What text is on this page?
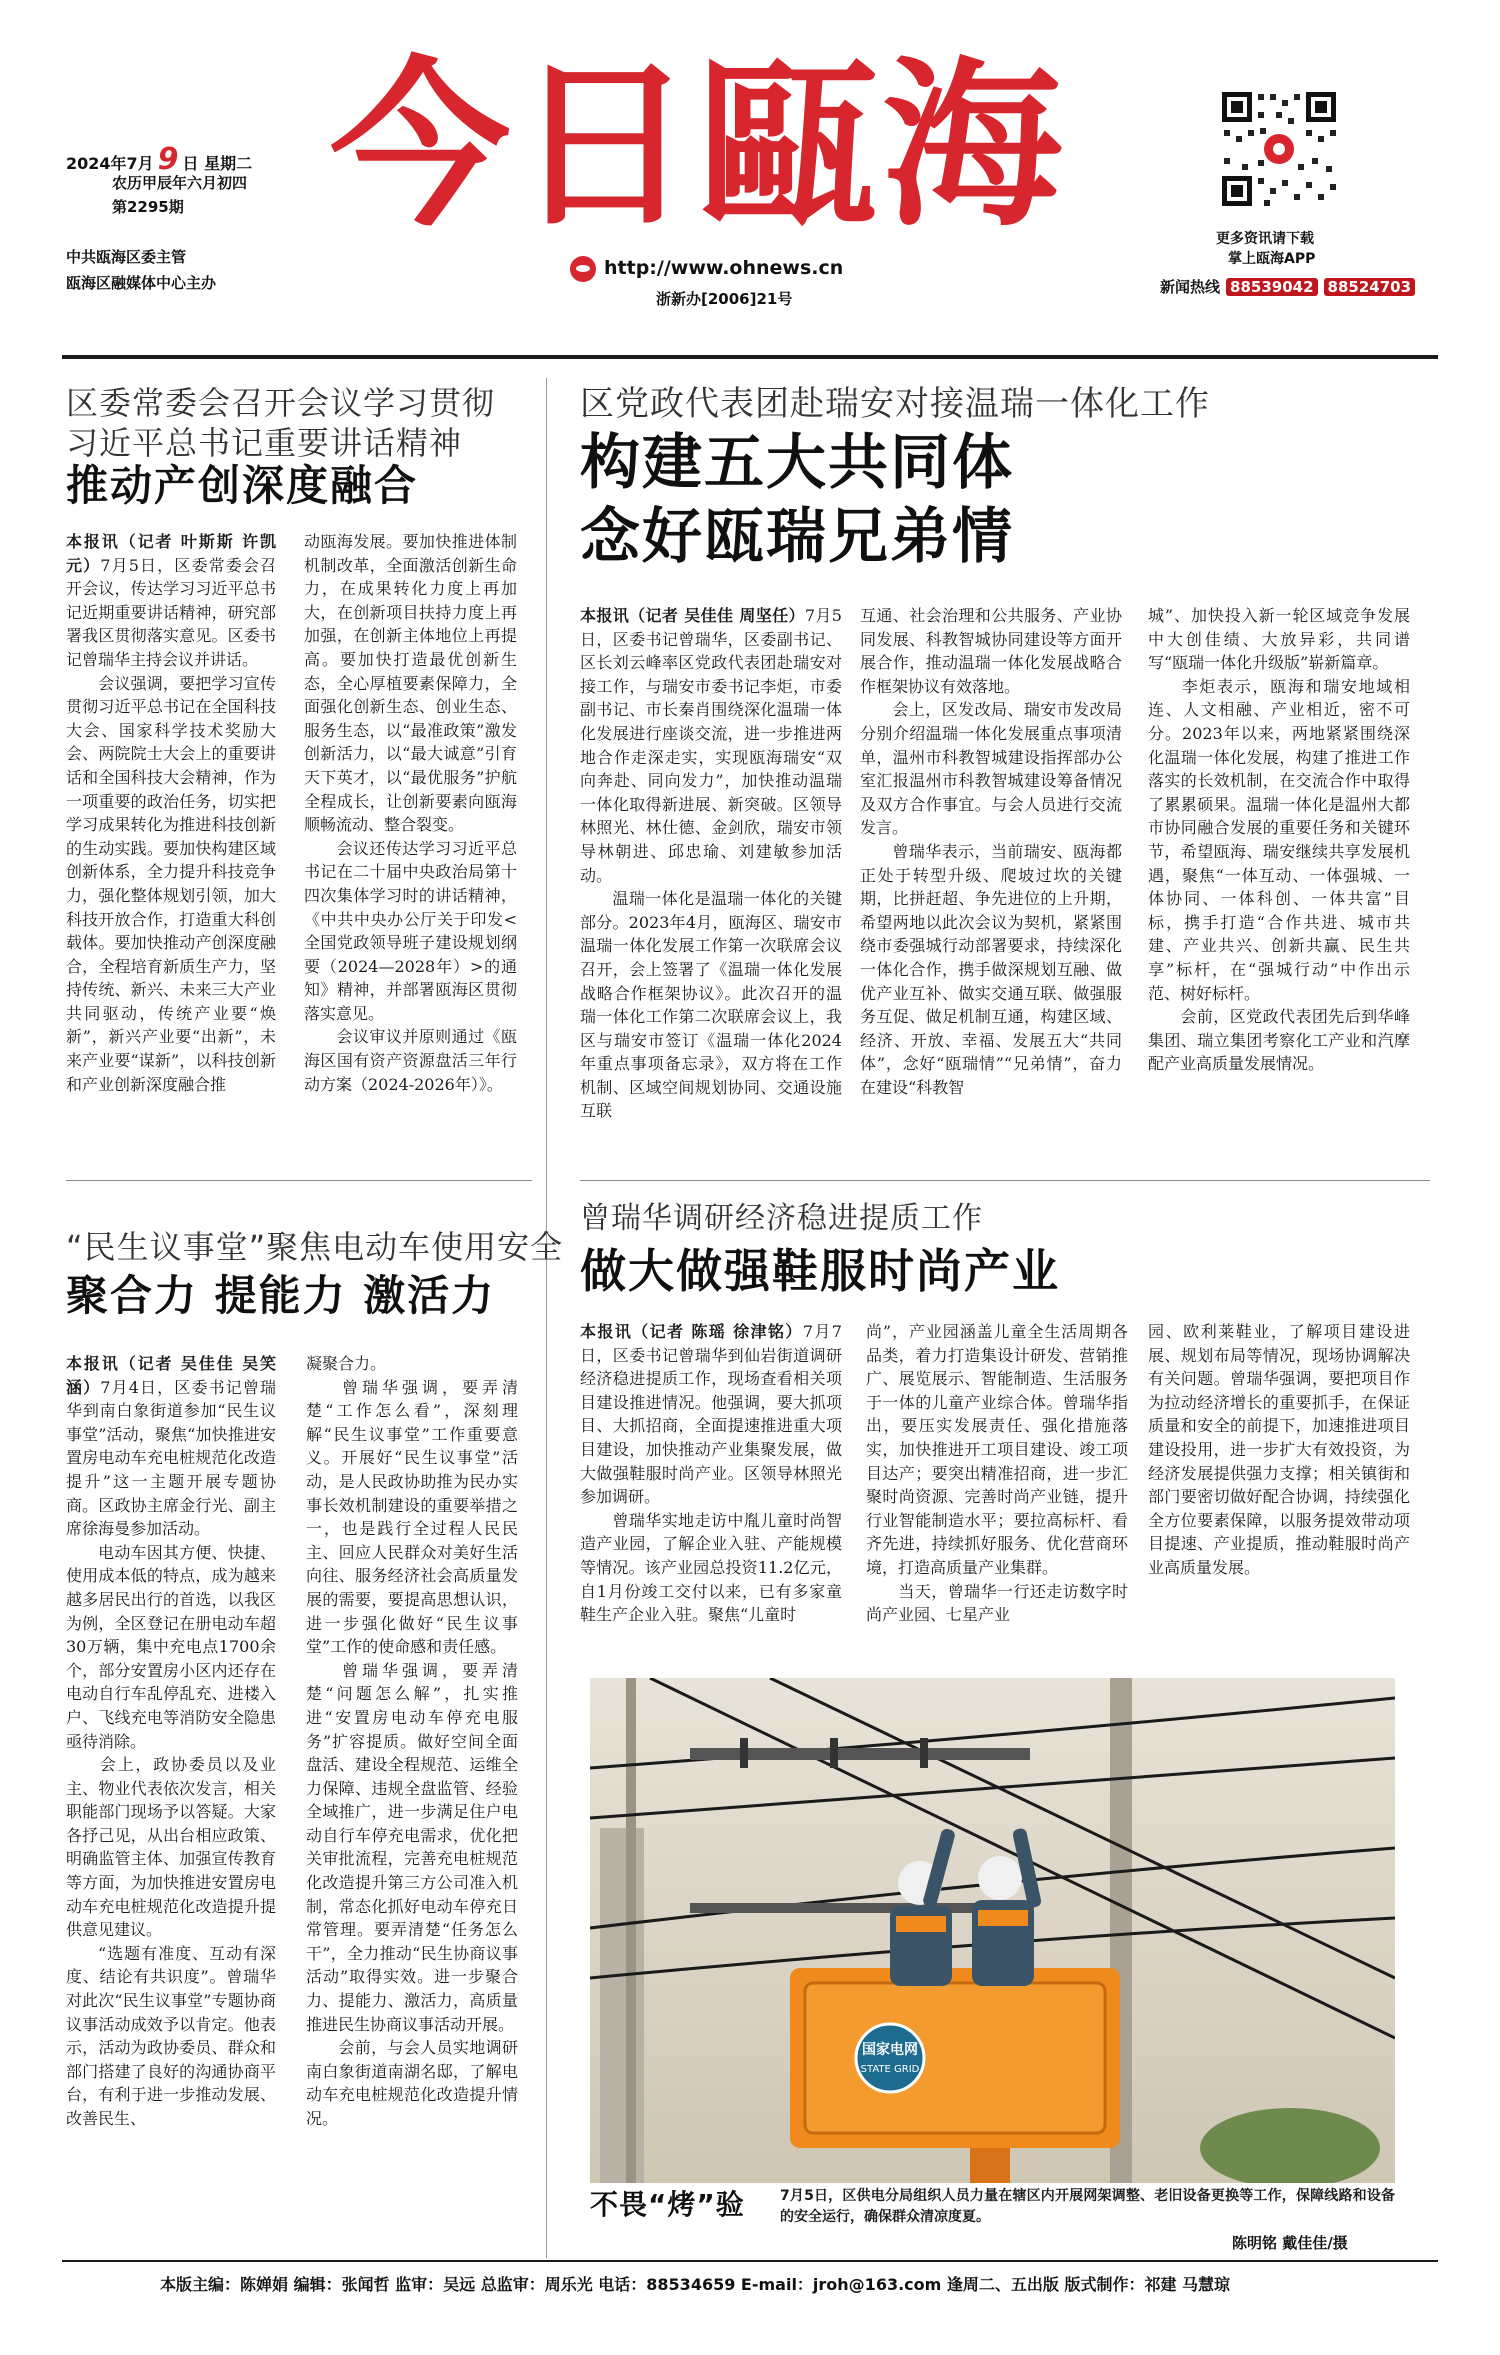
2024年7月 9 日 星期二
农历甲辰年六月初四
第2295期
中共瓯海区委主管
瓯海区融媒体中心主办
今日甌海
http://www.ohnews.cn
浙新办[2006]21号
更多资讯请下载
掌上瓯海APP
新闻热线 88539042 88524703
区委常委会召开会议学习贯彻习近平总书记重要讲话精神
推动产创深度融合
本报讯（记者 叶斯斯 许凯元）7月5日，区委常委会召开会议，传达学习习近平总书记近期重要讲话精神，研究部署我区贯彻落实意见。区委书记曾瑞华主持会议并讲话。
会议强调，要把学习宣传贯彻习近平总书记在全国科技大会、国家科学技术奖励大会、两院院士大会上的重要讲话和全国科技大会精神，作为一项重要的政治任务，切实把学习成果转化为推进科技创新的生动实践。要加快构建区域创新体系，全力提升科技竞争力，强化整体规划引领，加大科技开放合作，打造重大科创载体。要加快推动产创深度融合，全程培育新质生产力，坚持传统、新兴、未来三大产业共同驱动，传统产业要“焕新”，新兴产业要“出新”，未来产业要“谋新”，以科技创新和产业创新深度融合推
动瓯海发展。要加快推进体制机制改革，全面激活创新生命力，在成果转化力度上再加大，在创新项目扶持力度上再加强，在创新主体地位上再提高。要加快打造最优创新生态，全心厚植要素保障力，全面强化创新生态、创业生态、服务生态，以“最准政策”激发创新活力，以“最大诚意”引育天下英才，以“最优服务”护航全程成长，让创新要素向瓯海顺畅流动、整合裂变。
会议还传达学习习近平总书记在二十届中央政治局第十四次集体学习时的讲话精神，《中共中央办公厅关于印发<全国党政领导班子建设规划纲要（2024—2028年）>的通知》精神，并部署瓯海区贯彻落实意见。
会议审议并原则通过《瓯海区国有资产资源盘活三年行动方案（2024-2026年）》。
区党政代表团赴瑞安对接温瑞一体化工作
构建五大共同体
念好瓯瑞兄弟情
本报讯（记者 吴佳佳 周坚任）7月5日，区委书记曾瑞华，区委副书记、区长刘云峰率区党政代表团赴瑞安对接工作，与瑞安市委书记李炬，市委副书记、市长秦肖围绕深化温瑞一体化发展进行座谈交流，进一步推进两地合作走深走实，实现瓯海瑞安“双向奔赴、同向发力”，加快推动温瑞一体化取得新进展、新突破。区领导林照光、林仕德、金剑欣，瑞安市领导林朝进、邱忠瑜、刘建敏参加活动。
温瑞一体化是温瑞一体化的关键部分。2023年4月，瓯海区、瑞安市温瑞一体化发展工作第一次联席会议召开，会上签署了《温瑞一体化发展战略合作框架协议》。此次召开的温瑞一体化工作第二次联席会议上，我区与瑞安市签订《温瑞一体化2024年重点事项备忘录》，双方将在工作机制、区域空间规划协同、交通设施互联
互通、社会治理和公共服务、产业协同发展、科教智城协同建设等方面开展合作，推动温瑞一体化发展战略合作框架协议有效落地。
会上，区发改局、瑞安市发改局分别介绍温瑞一体化发展重点事项清单，温州市科教智城建设指挥部办公室汇报温州市科教智城建设筹备情况及双方合作事宜。与会人员进行交流发言。
曾瑞华表示，当前瑞安、瓯海都正处于转型升级、爬坡过坎的关键期，比拼赶超、争先进位的上升期，希望两地以此次会议为契机，紧紧围绕市委强城行动部署要求，持续深化一体化合作，携手做深规划互融、做优产业互补、做实交通互联、做强服务互促、做足机制互通，构建区域、经济、开放、幸福、发展五大“共同体”，念好“瓯瑞情”“兄弟情”，奋力在建设“科教智
城”、加快投入新一轮区域竞争发展中大创佳绩、大放异彩，共同谱写“瓯瑞一体化升级版”崭新篇章。
李炬表示，瓯海和瑞安地域相连、人文相融、产业相近，密不可分。2023年以来，两地紧紧围绕深化温瑞一体化发展，构建了推进工作落实的长效机制，在交流合作中取得了累累硕果。温瑞一体化是温州大都市协同融合发展的重要任务和关键环节，希望瓯海、瑞安继续共享发展机遇，聚焦“一体互动、一体强城、一体协同、一体科创、一体共富”目标，携手打造“合作共进、城市共建、产业共兴、创新共赢、民生共享”标杆，在“强城行动”中作出示范、树好标杆。
会前，区党政代表团先后到华峰集团、瑞立集团考察化工产业和汽摩配产业高质量发展情况。
“民生议事堂”聚焦电动车使用安全
聚合力 提能力 激活力
本报讯（记者 吴佳佳 吴笑涵）7月4日，区委书记曾瑞华到南白象街道参加“民生议事堂”活动，聚焦“加快推进安置房电动车充电桩规范化改造提升”这一主题开展专题协商。区政协主席金行光、副主席徐海曼参加活动。
电动车因其方便、快捷、使用成本低的特点，成为越来越多居民出行的首选，以我区为例，全区登记在册电动车超30万辆，集中充电点1700余个，部分安置房小区内还存在电动自行车乱停乱充、进楼入户、飞线充电等消防安全隐患亟待消除。
会上，政协委员以及业主、物业代表依次发言，相关职能部门现场予以答疑。大家各抒己见，从出台相应政策、明确监管主体、加强宣传教育等方面，为加快推进安置房电动车充电桩规范化改造提升提供意见建议。
“选题有准度、互动有深度、结论有共识度”。曾瑞华对此次“民生议事堂”专题协商议事活动成效予以肯定。他表示，活动为政协委员、群众和部门搭建了良好的沟通协商平台，有利于进一步推动发展、改善民生、
凝聚合力。
曾瑞华强调，要弄清楚“工作怎么看”，深刻理解“民生议事堂”工作重要意义。开展好“民生议事堂”活动，是人民政协助推为民办实事长效机制建设的重要举措之一，也是践行全过程人民民主、回应人民群众对美好生活向往、服务经济社会高质量发展的需要，要提高思想认识，进一步强化做好“民生议事堂”工作的使命感和责任感。
曾瑞华强调，要弄清楚“问题怎么解”，扎实推进“安置房电动车停充电服务”扩容提质。做好空间全面盘活、建设全程规范、运维全力保障、违规全盘监管、经验全域推广，进一步满足住户电动自行车停充电需求，优化把关审批流程，完善充电桩规范化改造提升第三方公司准入机制，常态化抓好电动车停充日常管理。要弄清楚“任务怎么干”，全力推动“民生协商议事活动”取得实效。进一步聚合力、提能力、激活力，高质量推进民生协商议事活动开展。
会前，与会人员实地调研南白象街道南湖名邸，了解电动车充电桩规范化改造提升情况。
曾瑞华调研经济稳进提质工作
做大做强鞋服时尚产业
本报讯（记者 陈瑶 徐津铭）7月7日，区委书记曾瑞华到仙岩街道调研经济稳进提质工作，现场查看相关项目建设推进情况。他强调，要大抓项目、大抓招商，全面提速推进重大项目建设，加快推动产业集聚发展，做大做强鞋服时尚产业。区领导林照光参加调研。
曾瑞华实地走访中胤儿童时尚智造产业园，了解企业入驻、产能规模等情况。该产业园总投资11.2亿元，自1月份竣工交付以来，已有多家童鞋生产企业入驻。聚焦“儿童时
尚”，产业园涵盖儿童全生活周期各品类，着力打造集设计研发、营销推广、展览展示、智能制造、生活服务于一体的儿童产业综合体。曾瑞华指出，要压实发展责任、强化措施落实，加快推进开工项目建设、竣工项目达产；要突出精准招商，进一步汇聚时尚资源、完善时尚产业链，提升行业智能制造水平；要拉高标杆、看齐先进，持续抓好服务、优化营商环境，打造高质量产业集群。
当天，曾瑞华一行还走访数字时尚产业园、七星产业
园、欧利莱鞋业，了解项目建设进展、规划布局等情况，现场协调解决有关问题。曾瑞华强调，要把项目作为拉动经济增长的重要抓手，在保证质量和安全的前提下，加速推进项目建设投用，进一步扩大有效投资，为经济发展提供强力支撑；相关镇街和部门要密切做好配合协调，持续强化全方位要素保障，以服务提效带动项目提速、产业提质，推动鞋服时尚产业高质量发展。
国家电网
STATE GRID
不畏“烤”验	7月5日，区供电分局组织人员力量在辖区内开展网架调整、老旧设备更换等工作，保障线路和设备的安全运行，确保群众清凉度夏。
陈明铭 戴佳佳/摄
本版主编：陈婵娟 编辑：张闻哲 监审：吴远 总监审：周乐光 电话：88534659 E-mail：jroh@163.com 逢周二、五出版 版式制作：祁建 马慧琼
